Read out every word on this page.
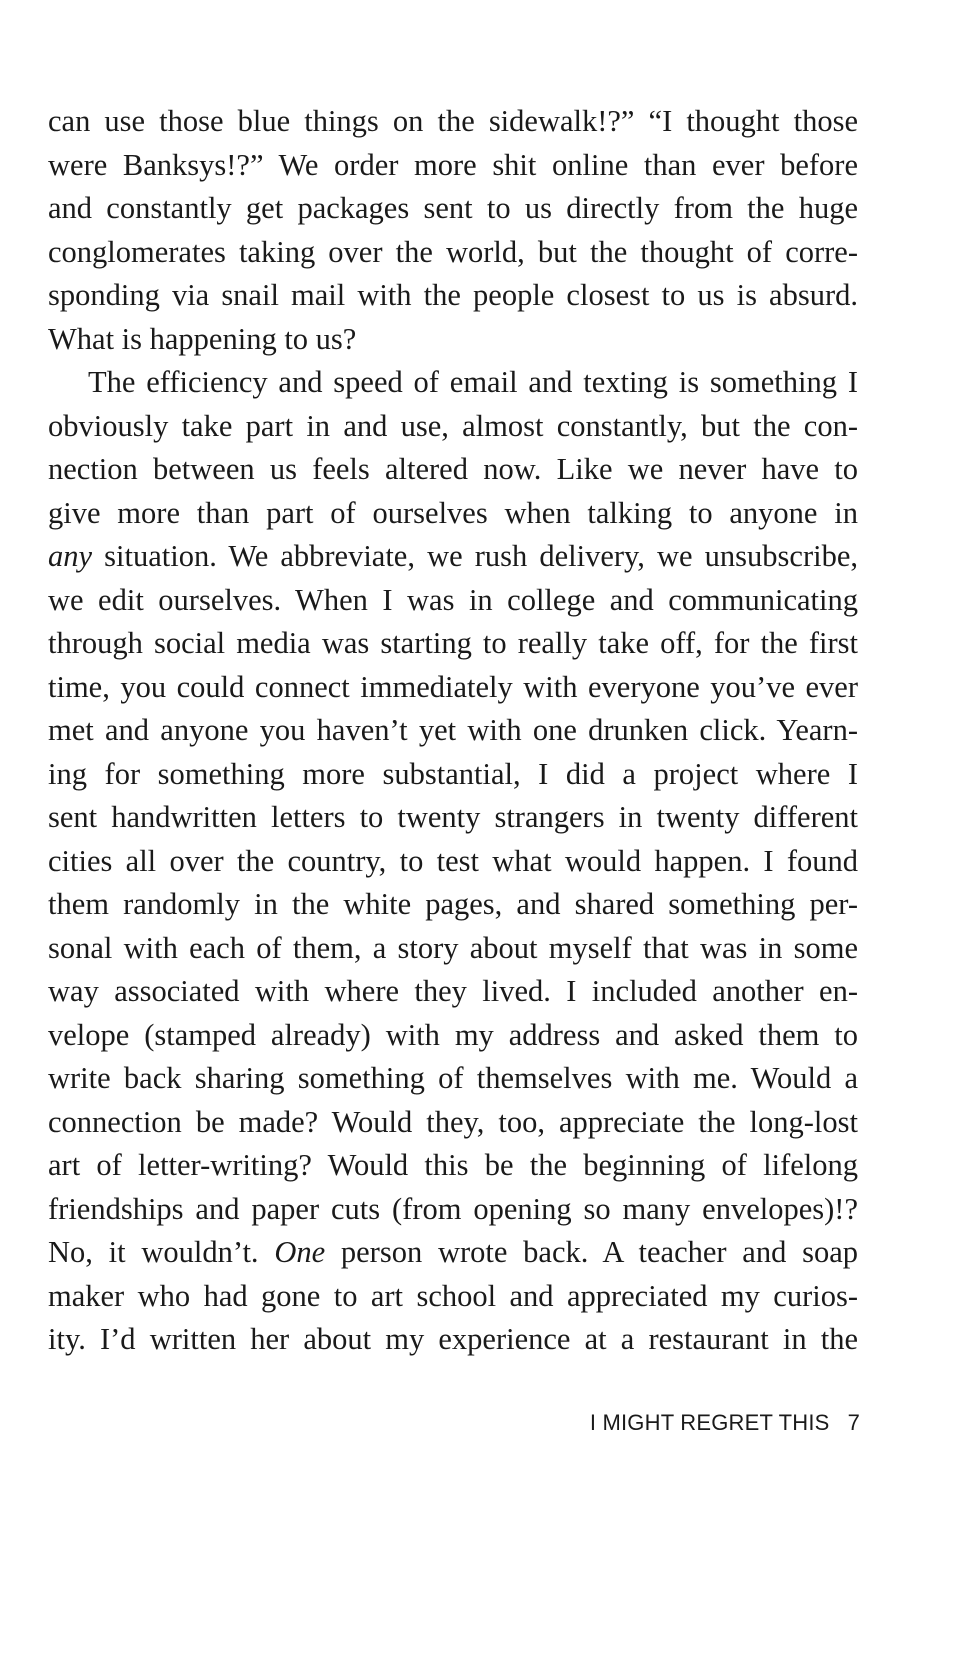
can use those blue things on the sidewalk!?” “I thought those
were Banksys!?” We order more shit online than ever before
and constantly get packages sent to us directly from the huge
conglomerates taking over the world, but the thought of corre-
sponding via snail mail with the people closest to us is absurd.
What is happening to us?
The efficiency and speed of email and texting is something I
obviously take part in and use, almost constantly, but the con-
nection between us feels altered now. Like we never have to
give more than part of ourselves when talking to anyone in
any situation. We abbreviate, we rush delivery, we unsubscribe,
we edit ourselves. When I was in college and communicating
through social media was starting to really take off, for the first
time, you could connect immediately with everyone you’ve ever
met and anyone you haven’t yet with one drunken click. Yearn-
ing for something more substantial, I did a project where I
sent handwritten letters to twenty strangers in twenty different
cities all over the country, to test what would happen. I found
them randomly in the white pages, and shared something per-
sonal with each of them, a story about myself that was in some
way associated with where they lived. I included another en-
velope (stamped already) with my address and asked them to
write back sharing something of themselves with me. Would a
connection be made? Would they, too, appreciate the long-lost
art of letter-writing? Would this be the beginning of lifelong
friendships and paper cuts (from opening so many envelopes)!?
No, it wouldn’t. One person wrote back. A teacher and soap
maker who had gone to art school and appreciated my curios-
ity. I’d written her about my experience at a restaurant in the
I MIGHT REGRET THIS 7
